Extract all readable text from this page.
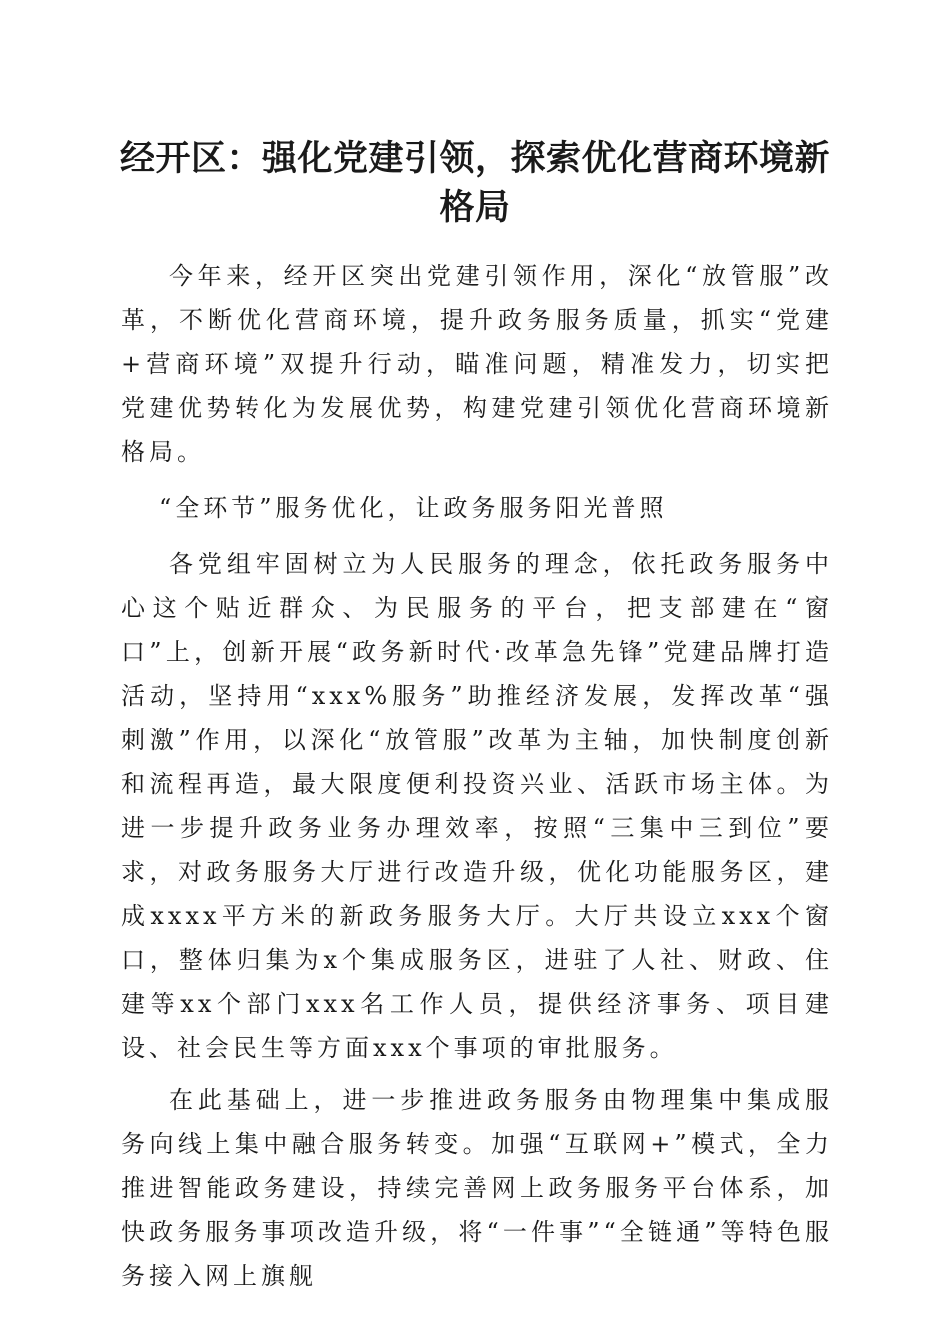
经开区：强化党建引领，探索优化营商环境新
格局

今年来，经开区突出党建引领作用，深化“放管服”改革，不断优化营商环境，提升政务服务质量，抓实“党建+营商环境”双提升行动，瞄准问题，精准发力，切实把党建优势转化为发展优势，构建党建引领优化营商环境新格局。

“全环节”服务优化，让政务服务阳光普照

各党组牢固树立为人民服务的理念，依托政务服务中心这个贴近群众、为民服务的平台，把支部建在“窗口”上，创新开展“政务新时代·改革急先锋”党建品牌打造活动，坚持用“xxx%服务”助推经济发展，发挥改革“强刺激”作用，以深化“放管服”改革为主轴，加快制度创新和流程再造，最大限度便利投资兴业、活跃市场主体。为进一步提升政务业务办理效率，按照“三集中三到位”要求，对政务服务大厅进行改造升级，优化功能服务区，建成xxxx平方米的新政务服务大厅。大厅共设立xxx个窗口，整体归集为x个集成服务区，进驻了人社、财政、住建等xx个部门xxx名工作人员，提供经济事务、项目建设、社会民生等方面xxx个事项的审批服务。

在此基础上，进一步推进政务服务由物理集中集成服务向线上集中融合服务转变。加强“互联网+”模式，全力推进智能政务建设，持续完善网上政务服务平台体系，加快政务服务事项改造升级，将“一件事”“全链通”等特色服务接入网上旗舰
